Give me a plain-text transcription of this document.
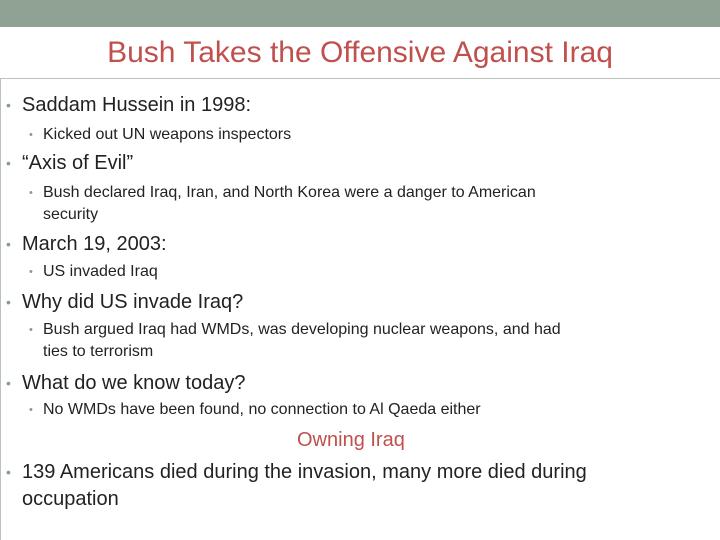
Bush Takes the Offensive Against Iraq
• Saddam Hussein in 1998:
• Kicked out UN weapons inspectors
• “Axis of Evil”
• Bush declared Iraq, Iran, and North Korea were a danger to American
security
• March 19, 2003:
• US invaded Iraq
• Why did US invade Iraq?
• Bush argued Iraq had WMDs, was developing nuclear weapons, and had
ties to terrorism
• What do we know today?
• No WMDs have been found, no connection to Al Qaeda either
Owning Iraq
• 139 Americans died during the invasion, many more died during
occupation
